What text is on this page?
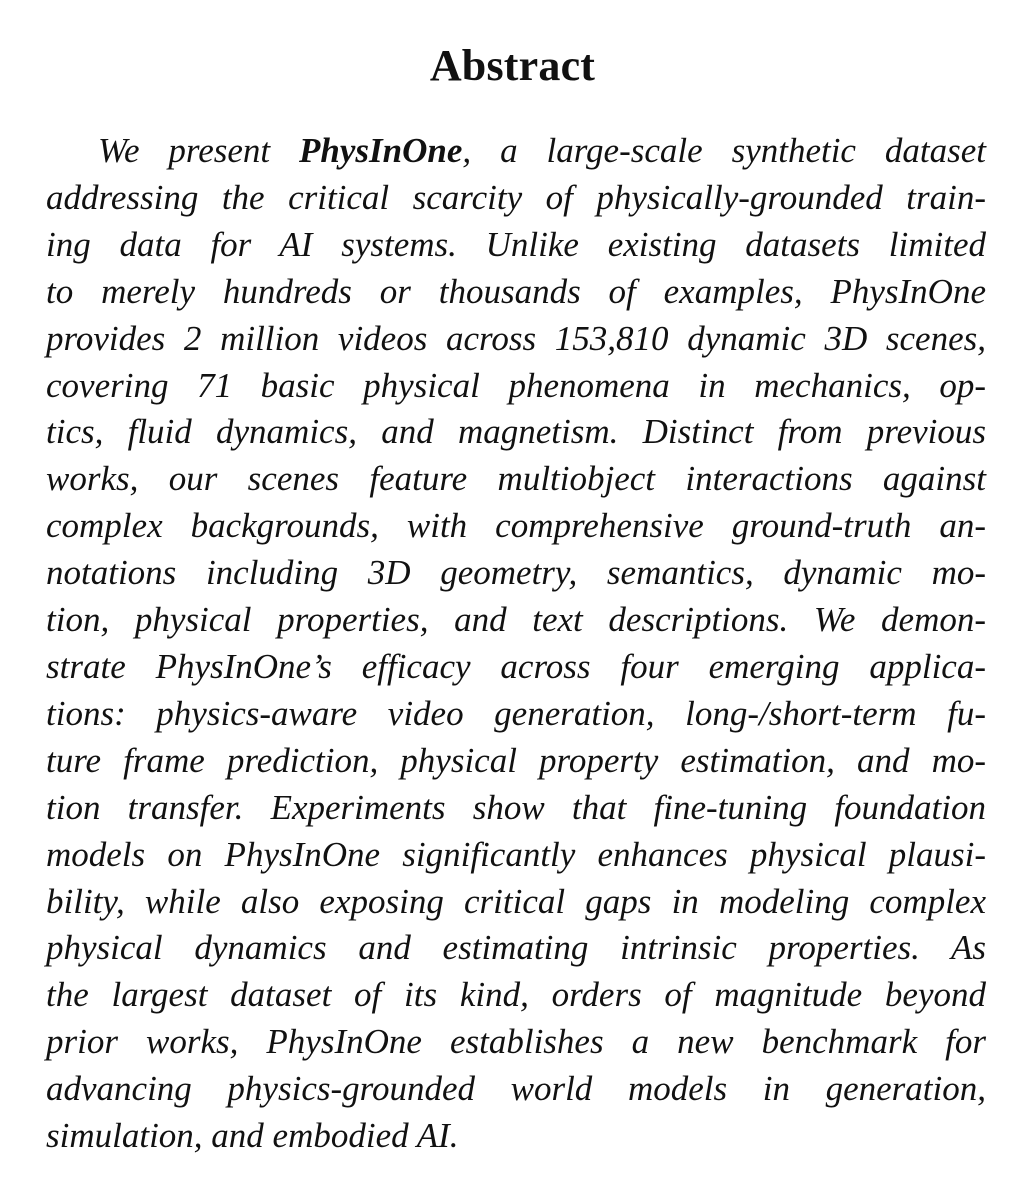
Abstract
We present PhysInOne, a large-scale synthetic dataset
addressing the critical scarcity of physically-grounded train-
ing data for AI systems. Unlike existing datasets limited
to merely hundreds or thousands of examples, PhysInOne
provides 2 million videos across 153,810 dynamic 3D scenes,
covering 71 basic physical phenomena in mechanics, op-
tics, fluid dynamics, and magnetism. Distinct from previous
works, our scenes feature multiobject interactions against
complex backgrounds, with comprehensive ground-truth an-
notations including 3D geometry, semantics, dynamic mo-
tion, physical properties, and text descriptions. We demon-
strate PhysInOne’s efficacy across four emerging applica-
tions: physics-aware video generation, long-/short-term fu-
ture frame prediction, physical property estimation, and mo-
tion transfer. Experiments show that fine-tuning foundation
models on PhysInOne significantly enhances physical plausi-
bility, while also exposing critical gaps in modeling complex
physical dynamics and estimating intrinsic properties. As
the largest dataset of its kind, orders of magnitude beyond
prior works, PhysInOne establishes a new benchmark for
advancing physics-grounded world models in generation,
simulation, and embodied AI.
